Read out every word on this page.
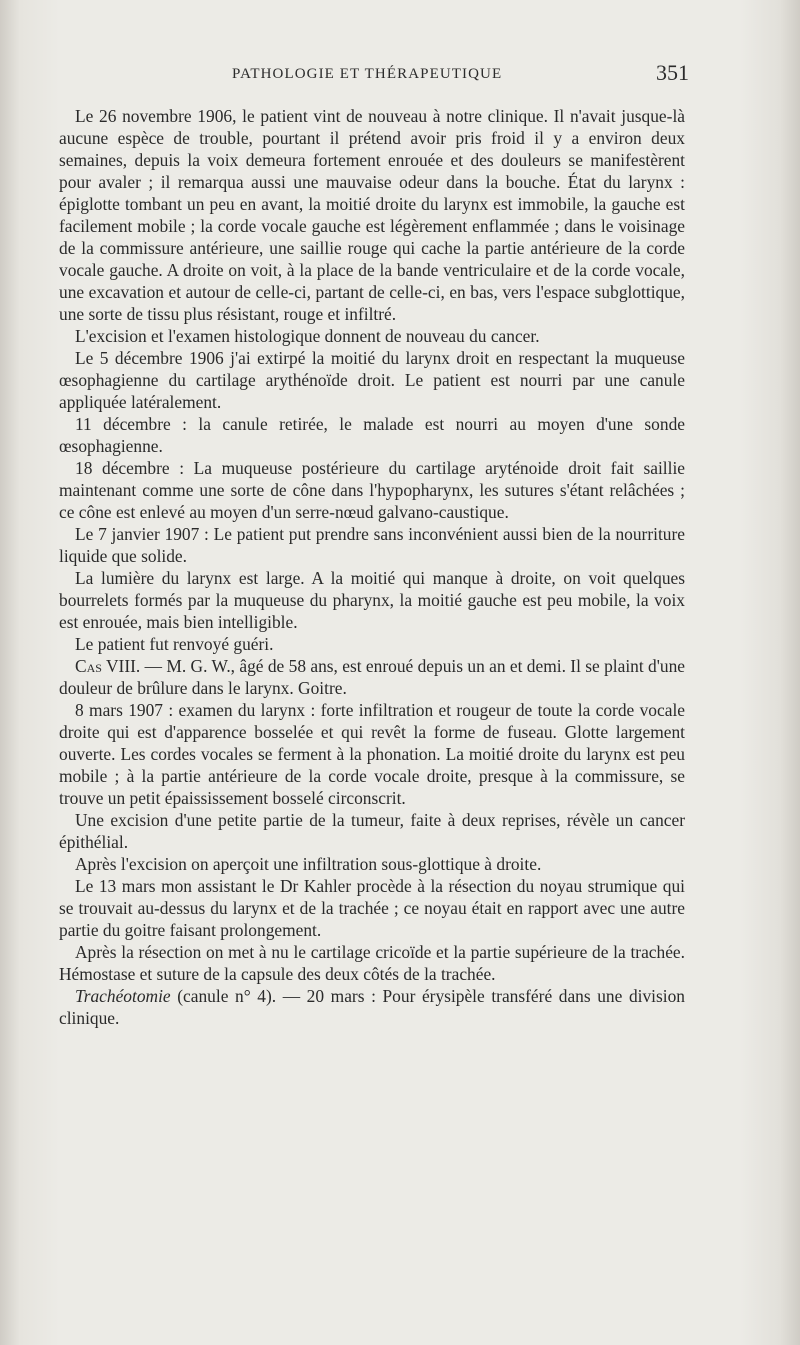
PATHOLOGIE ET THÉRAPEUTIQUE	351

Le 26 novembre 1906, le patient vint de nouveau à notre clinique. Il n'avait jusque-là aucune espèce de trouble, pourtant il prétend avoir pris froid il y a environ deux semaines, depuis la voix demeura fortement enrouée et des douleurs se manifestèrent pour avaler ; il remarqua aussi une mauvaise odeur dans la bouche. État du larynx : épiglotte tombant un peu en avant, la moitié droite du larynx est immobile, la gauche est facilement mobile ; la corde vocale gauche est légèrement enflammée ; dans le voisinage de la commissure antérieure, une saillie rouge qui cache la partie antérieure de la corde vocale gauche. A droite on voit, à la place de la bande ventriculaire et de la corde vocale, une excavation et autour de celle-ci, partant de celle-ci, en bas, vers l'espace subglottique, une sorte de tissu plus résistant, rouge et infiltré.

L'excision et l'examen histologique donnent de nouveau du cancer.

Le 5 décembre 1906 j'ai extirpé la moitié du larynx droit en respectant la muqueuse œsophagienne du cartilage arythénoïde droit. Le patient est nourri par une canule appliquée latéralement.

11 décembre : la canule retirée, le malade est nourri au moyen d'une sonde œsophagienne.

18 décembre : La muqueuse postérieure du cartilage aryténoide droit fait saillie maintenant comme une sorte de cône dans l'hypopharynx, les sutures s'étant relâchées ; ce cône est enlevé au moyen d'un serre-nœud galvano-caustique.

Le 7 janvier 1907 : Le patient put prendre sans inconvénient aussi bien de la nourriture liquide que solide.

La lumière du larynx est large. A la moitié qui manque à droite, on voit quelques bourrelets formés par la muqueuse du pharynx, la moitié gauche est peu mobile, la voix est enrouée, mais bien intelligible.

Le patient fut renvoyé guéri.

Cas VIII. — M. G. W., âgé de 58 ans, est enroué depuis un an et demi. Il se plaint d'une douleur de brûlure dans le larynx. Goitre.

8 mars 1907 : examen du larynx : forte infiltration et rougeur de toute la corde vocale droite qui est d'apparence bosselée et qui revêt la forme de fuseau. Glotte largement ouverte. Les cordes vocales se ferment à la phonation. La moitié droite du larynx est peu mobile ; à la partie antérieure de la corde vocale droite, presque à la commissure, se trouve un petit épaississement bosselé circonscrit.

Une excision d'une petite partie de la tumeur, faite à deux reprises, révèle un cancer épithélial.

Après l'excision on aperçoit une infiltration sous-glottique à droite.

Le 13 mars mon assistant le Dr Kahler procède à la résection du noyau strumique qui se trouvait au-dessus du larynx et de la trachée ; ce noyau était en rapport avec une autre partie du goitre faisant prolongement.

Après la résection on met à nu le cartilage cricoïde et la partie supérieure de la trachée. Hémostase et suture de la capsule des deux côtés de la trachée.

Trachéotomie (canule n° 4). — 20 mars : Pour érysipèle transféré dans une division clinique.
